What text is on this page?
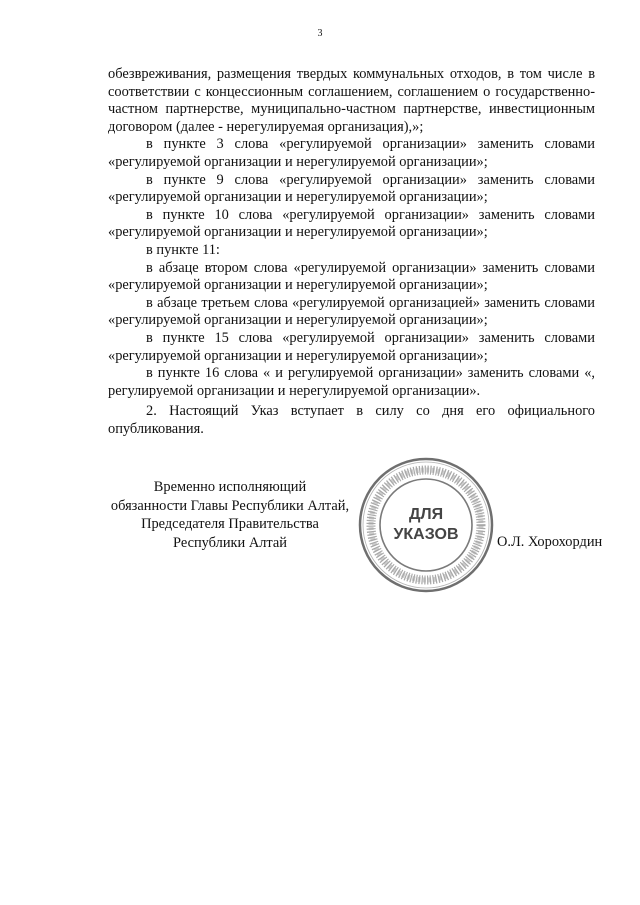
3

обезвреживания, размещения твердых коммунальных отходов, в том числе в соответствии с концессионным соглашением, соглашением о государственно-частном партнерстве, муниципально-частном партнерстве, инвестиционным договором (далее - нерегулируемая организация),»;

в пункте 3 слова «регулируемой организации» заменить словами «регулируемой организации и нерегулируемой организации»;

в пункте 9 слова «регулируемой организации» заменить словами «регулируемой организации и нерегулируемой организации»;

в пункте 10 слова «регулируемой организации» заменить словами «регулируемой организации и нерегулируемой организации»;

в пункте 11:

в абзаце втором слова «регулируемой организации» заменить словами «регулируемой организации и нерегулируемой организации»;

в абзаце третьем слова «регулируемой организацией» заменить словами «регулируемой организации и нерегулируемой организации»;

в пункте 15 слова «регулируемой организации» заменить словами «регулируемой организации и нерегулируемой организации»;

в пункте 16 слова « и регулируемой организации» заменить словами «, регулируемой организации и нерегулируемой организации».

2. Настоящий Указ вступает в силу со дня его официального опубликования.

Временно исполняющий
обязанности Главы Республики Алтай,
Председателя Правительства
Республики Алтай
ДЛЯ
УКАЗОВ	О.Л. Хорохордин
